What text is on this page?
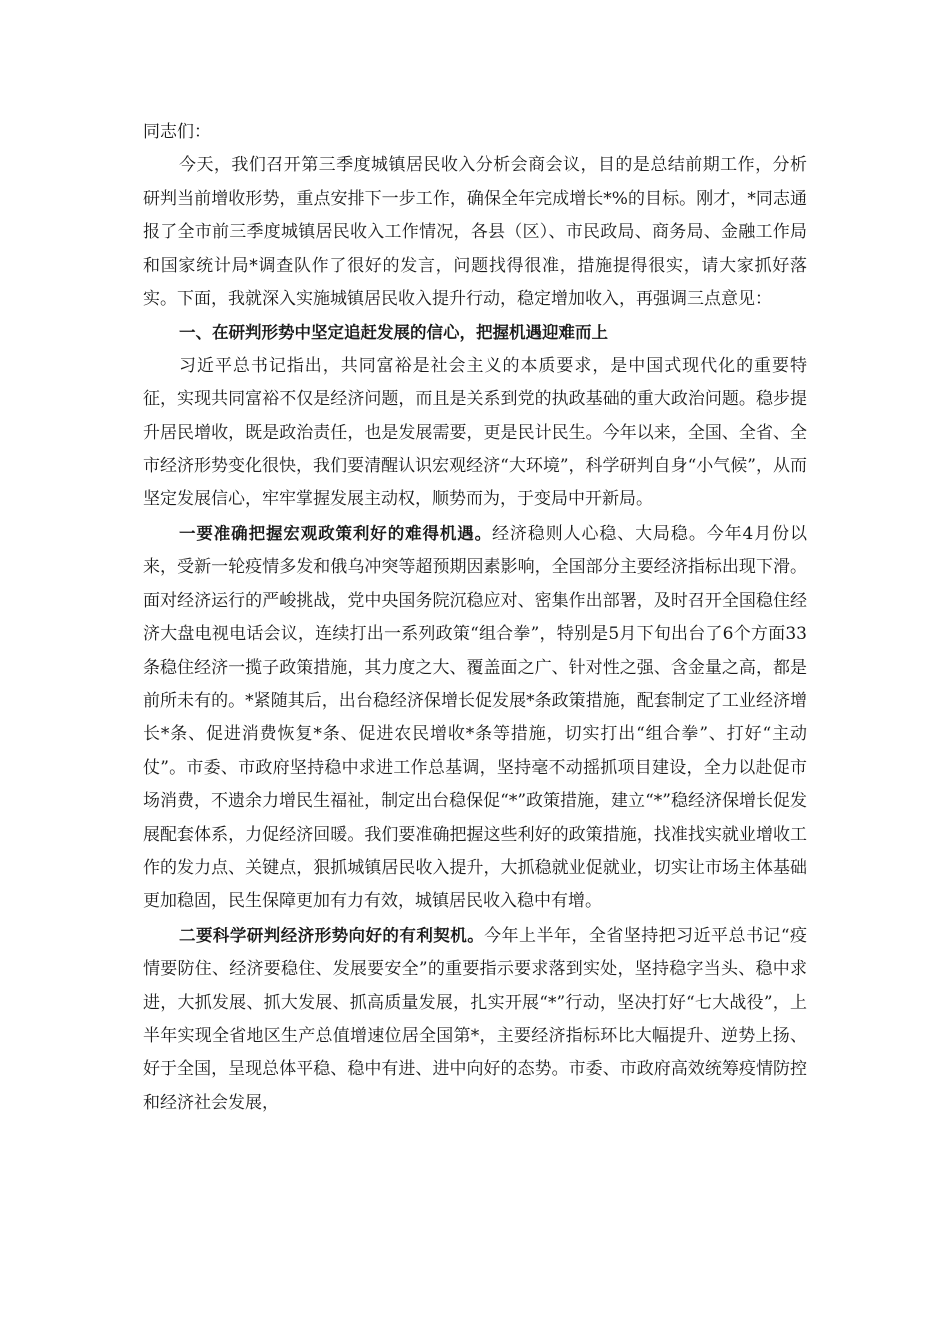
同志们：

今天，我们召开第三季度城镇居民收入分析会商会议，目的是总结前期工作，分析研判当前增收形势，重点安排下一步工作，确保全年完成增长*%的目标。刚才，*同志通报了全市前三季度城镇居民收入工作情况，各县（区）、市民政局、商务局、金融工作局和国家统计局*调查队作了很好的发言，问题找得很准，措施提得很实，请大家抓好落实。下面，我就深入实施城镇居民收入提升行动，稳定增加收入，再强调三点意见：

一、在研判形势中坚定追赶发展的信心，把握机遇迎难而上

习近平总书记指出，共同富裕是社会主义的本质要求，是中国式现代化的重要特征，实现共同富裕不仅是经济问题，而且是关系到党的执政基础的重大政治问题。稳步提升居民增收，既是政治责任，也是发展需要，更是民计民生。今年以来，全国、全省、全市经济形势变化很快，我们要清醒认识宏观经济“大环境”，科学研判自身“小气候”，从而坚定发展信心，牢牢掌握发展主动权，顺势而为，于变局中开新局。

一要准确把握宏观政策利好的难得机遇。经济稳则人心稳、大局稳。今年4月份以来，受新一轮疫情多发和俄乌冲突等超预期因素影响，全国部分主要经济指标出现下滑。面对经济运行的严峻挑战，党中央国务院沉稳应对、密集作出部署，及时召开全国稳住经济大盘电视电话会议，连续打出一系列政策“组合拳”，特别是5月下旬出台了6个方面33条稳住经济一揽子政策措施，其力度之大、覆盖面之广、针对性之强、含金量之高，都是前所未有的。*紧随其后，出台稳经济保增长促发展*条政策措施，配套制定了工业经济增长*条、促进消费恢复*条、促进农民增收*条等措施，切实打出“组合拳”、打好“主动仗”。市委、市政府坚持稳中求进工作总基调，坚持毫不动摇抓项目建设，全力以赴促市场消费，不遗余力增民生福祉，制定出台稳保促“*”政策措施，建立“*”稳经济保增长促发展配套体系，力促经济回暖。我们要准确把握这些利好的政策措施，找准找实就业增收工作的发力点、关键点，狠抓城镇居民收入提升，大抓稳就业促就业，切实让市场主体基础更加稳固，民生保障更加有力有效，城镇居民收入稳中有增。

二要科学研判经济形势向好的有利契机。今年上半年，全省坚持把习近平总书记“疫情要防住、经济要稳住、发展要安全”的重要指示要求落到实处，坚持稳字当头、稳中求进，大抓发展、抓大发展、抓高质量发展，扎实开展“*”行动，坚决打好“七大战役”，上半年实现全省地区生产总值增速位居全国第*，主要经济指标环比大幅提升、逆势上扬、好于全国，呈现总体平稳、稳中有进、进中向好的态势。市委、市政府高效统筹疫情防控和经济社会发展，
